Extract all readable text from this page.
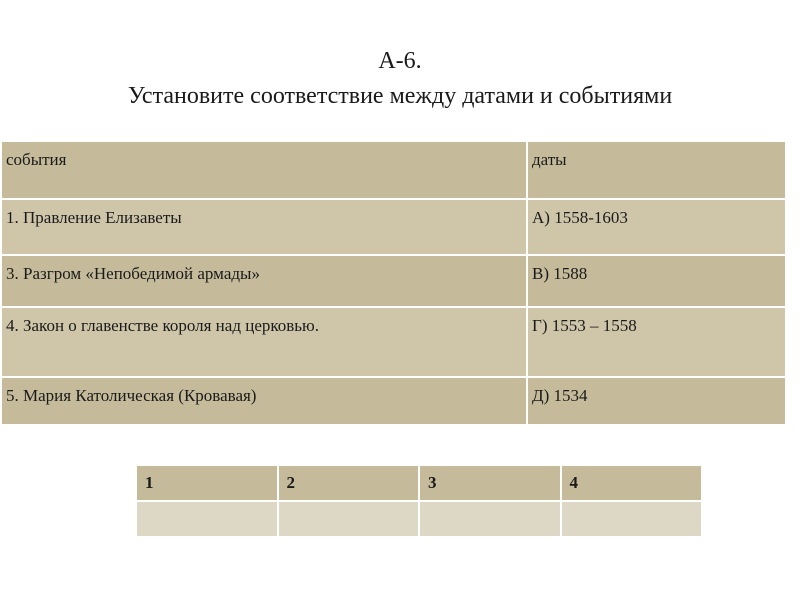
А-6.
Установите соответствие между датами и событиями
события	даты
1. Правление Елизаветы	А) 1558-1603
3. Разгром «Непобедимой армады»	В) 1588
4. Закон о главенстве короля над церковью.	Г) 1553 – 1558
5. Мария Католическая (Кровавая)	Д) 1534
1	2	3	4
